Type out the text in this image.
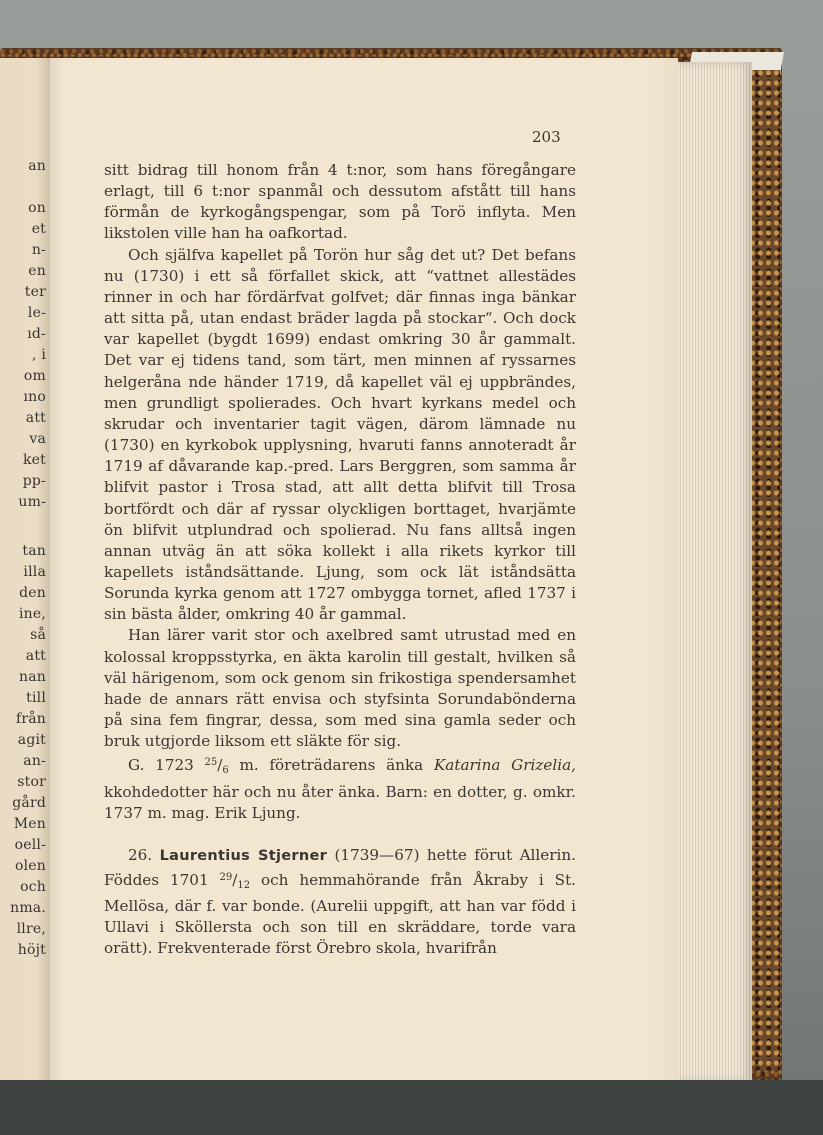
an
on
et
n-
en
ter
le-
ıd-
, i
om
ıno
att
va
ket
pp-
um-
tan
illa
den
ine,
så
att
nan
till
från
agit
an-
stor
gård
Men
oell-
olen
och
nma.
llre,
höjt
203

sitt bidrag till honom från 4 t:nor, som hans föregångare erlagt, till 6 t:nor spanmål och dessutom afstått till hans förmån de kyrkogångspengar, som på Torö inflyta. Men likstolen ville han ha oafkortad.

Och själfva kapellet på Torön hur såg det ut? Det befans nu (1730) i ett så förfallet skick, att “vattnet allestädes rinner in och har fördärfvat golfvet; där finnas inga bänkar att sitta på, utan endast bräder lagda på stockar“. Och dock var kapellet (bygdt 1699) endast omkring 30 år gammalt. Det var ej tidens tand, som tärt, men minnen af ryssarnes helgeråna nde händer 1719, då kapellet väl ej uppbrändes, men grundligt spolierades. Och hvart kyrkans medel och skrudar och inventarier tagit vägen, därom lämnade nu (1730) en kyrkobok upplysning, hvaruti fanns annoteradt år 1719 af dåvarande kap.-pred. Lars Berggren, som samma år blifvit pastor i Trosa stad, att allt detta blifvit till Trosa bortfördt och där af ryssar olyckligen borttaget, hvarjämte ön blifvit utplundrad och spolierad. Nu fans alltså ingen annan utväg än att söka kollekt i alla rikets kyrkor till kapellets iståndsättande. Ljung, som ock lät iståndsätta Sorunda kyrka genom att 1727 ombygga tornet, afled 1737 i sin bästa ålder, omkring 40 år gammal.

Han lärer varit stor och axelbred samt utrustad med en kolossal kroppsstyrka, en äkta karolin till gestalt, hvilken så väl härigenom, som ock genom sin frikostiga spendersamhet hade de annars rätt envisa och styfsinta Sorundabönderna på sina fem fingrar, dessa, som med sina gamla seder och bruk utgjorde liksom ett släkte för sig.

G. 1723 $^{25}$/6 m. företrädarens änka Katarina Grizelia, kkohdedotter här och nu åter änka. Barn: en dotter, g. omkr. 1737 m. mag. Erik Ljung.

26. Laurentius Stjerner (1739—67) hette förut Allerin. Föddes 1701 $^{29}$/12 och hemmahörande från Åkraby i St. Mellösa, där f. var bonde. (Aurelii uppgift, att han var född i Ullavi i Sköllersta och son till en skräddare, torde vara orätt). Frekventerade först Örebro skola, hvarifrån
